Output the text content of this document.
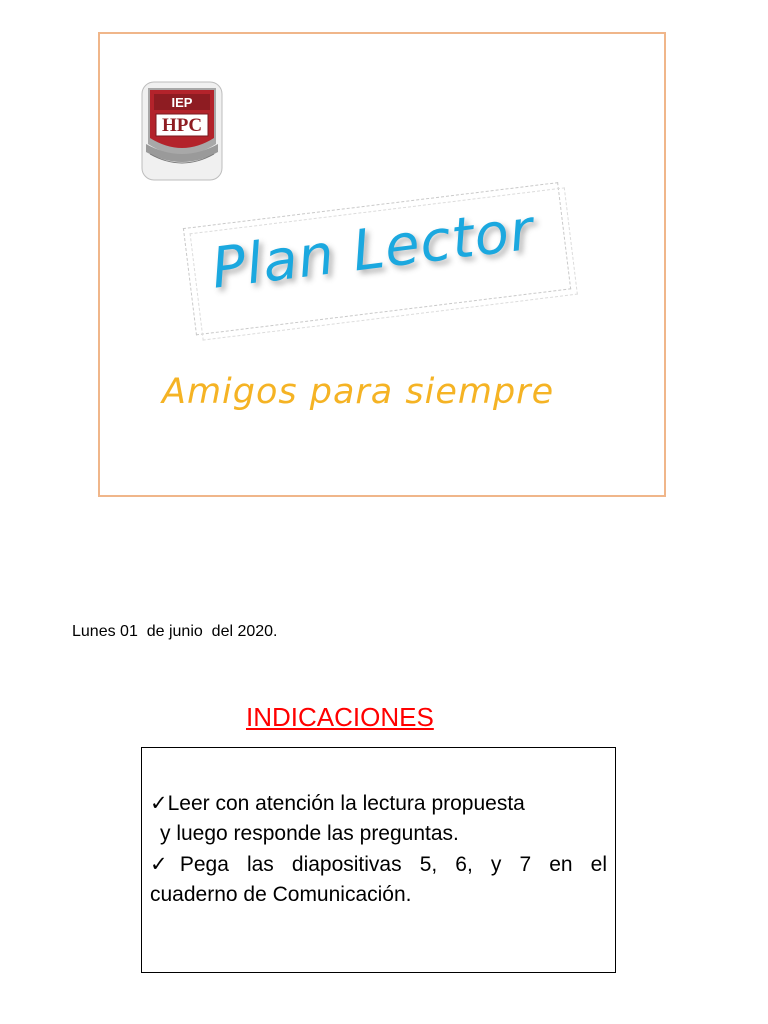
IEP
HPC
Plan Lector
Amigos para siempre
Lunes 01  de junio  del 2020.
INDICACIONES
✓Leer con atención la lectura propuesta
y luego responde las preguntas.
✓Pega las diapositivas 5, 6, y 7 en el
cuaderno de Comunicación.
